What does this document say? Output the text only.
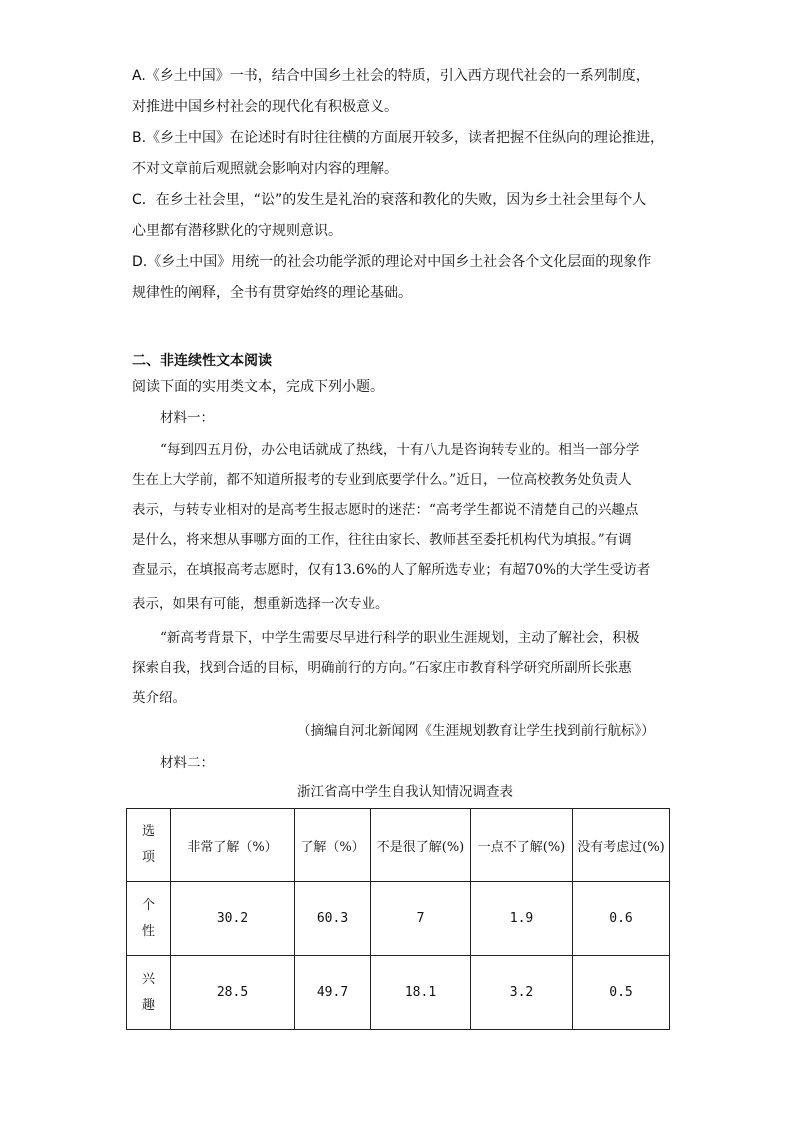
A.《乡土中国》一书，结合中国乡土社会的特质，引入西方现代社会的一系列制度，
对推进中国乡村社会的现代化有积极意义。
B.《乡土中国》在论述时有时往往横的方面展开较多，读者把握不住纵向的理论推进，
不对文章前后观照就会影响对内容的理解。
C．在乡土社会里，“讼”的发生是礼治的衰落和教化的失败，因为乡土社会里每个人
心里都有潜移默化的守规则意识。
D.《乡土中国》用统一的社会功能学派的理论对中国乡土社会各个文化层面的现象作
规律性的阐释，全书有贯穿始终的理论基础。
二、非连续性文本阅读
阅读下面的实用类文本，完成下列小题。
材料一：
“每到四五月份，办公电话就成了热线，十有八九是咨询转专业的。相当一部分学
生在上大学前，都不知道所报考的专业到底要学什么。”近日，一位高校教务处负责人
表示，与转专业相对的是高考生报志愿时的迷茫：“高考学生都说不清楚自己的兴趣点
是什么，将来想从事哪方面的工作，往往由家长、教师甚至委托机构代为填报。”有调
查显示，在填报高考志愿时，仅有13.6%的人了解所选专业；有超70%的大学生受访者
表示，如果有可能，想重新选择一次专业。
“新高考背景下，中学生需要尽早进行科学的职业生涯规划，主动了解社会，积极
探索自我，找到合适的目标，明确前行的方向。”石家庄市教育科学研究所副所长张惠
英介绍。
（摘编自河北新闻网《生涯规划教育让学生找到前行航标》）
材料二：
浙江省高中学生自我认知情况调查表
选项	非常了解（%）	了解（%）	不是很了解(%)	一点不了解(%)	没有考虑过(%)
个性	30.2	60.3	7	1.9	0.6
兴趣	28.5	49.7	18.1	3.2	0.5
